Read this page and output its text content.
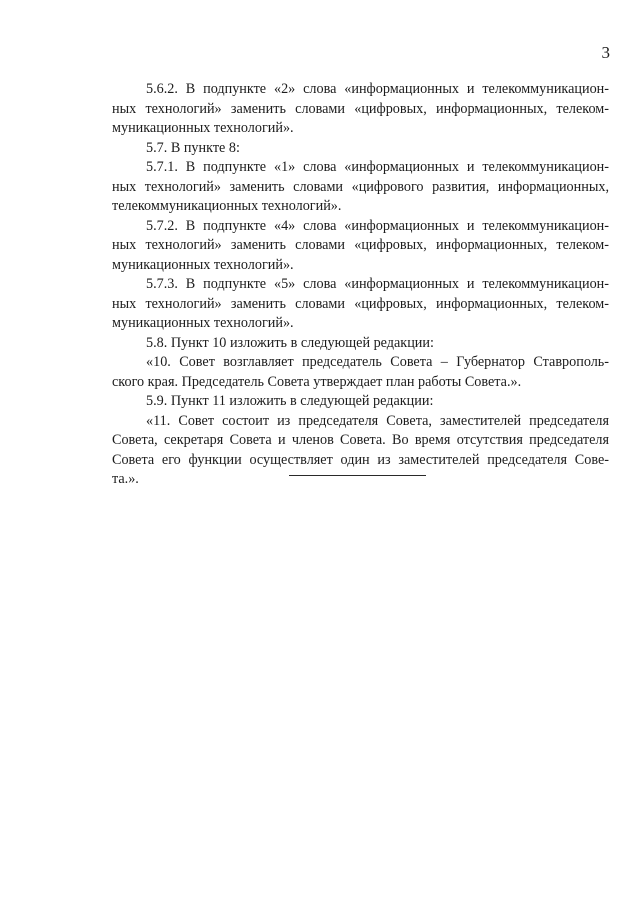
3
5.6.2. В подпункте «2» слова «информационных и телекоммуникацион-
ных технологий» заменить словами «цифровых, информационных, телеком-
муникационных технологий».
5.7. В пункте 8:
5.7.1. В подпункте «1» слова «информационных и телекоммуникацион-
ных технологий» заменить словами «цифрового развития, информационных,
телекоммуникационных технологий».
5.7.2. В подпункте «4» слова «информационных и телекоммуникацион-
ных технологий» заменить словами «цифровых, информационных, телеком-
муникационных технологий».
5.7.3. В подпункте «5» слова «информационных и телекоммуникацион-
ных технологий» заменить словами «цифровых, информационных, телеком-
муникационных технологий».
5.8. Пункт 10 изложить в следующей редакции:
«10. Совет возглавляет председатель Совета – Губернатор Ставрополь-
ского края. Председатель Совета утверждает план работы Совета.».
5.9. Пункт 11 изложить в следующей редакции:
«11. Совет состоит из председателя Совета, заместителей председателя
Совета, секретаря Совета и членов Совета. Во время отсутствия председателя
Совета его функции осуществляет один из заместителей председателя Сове-
та.».
